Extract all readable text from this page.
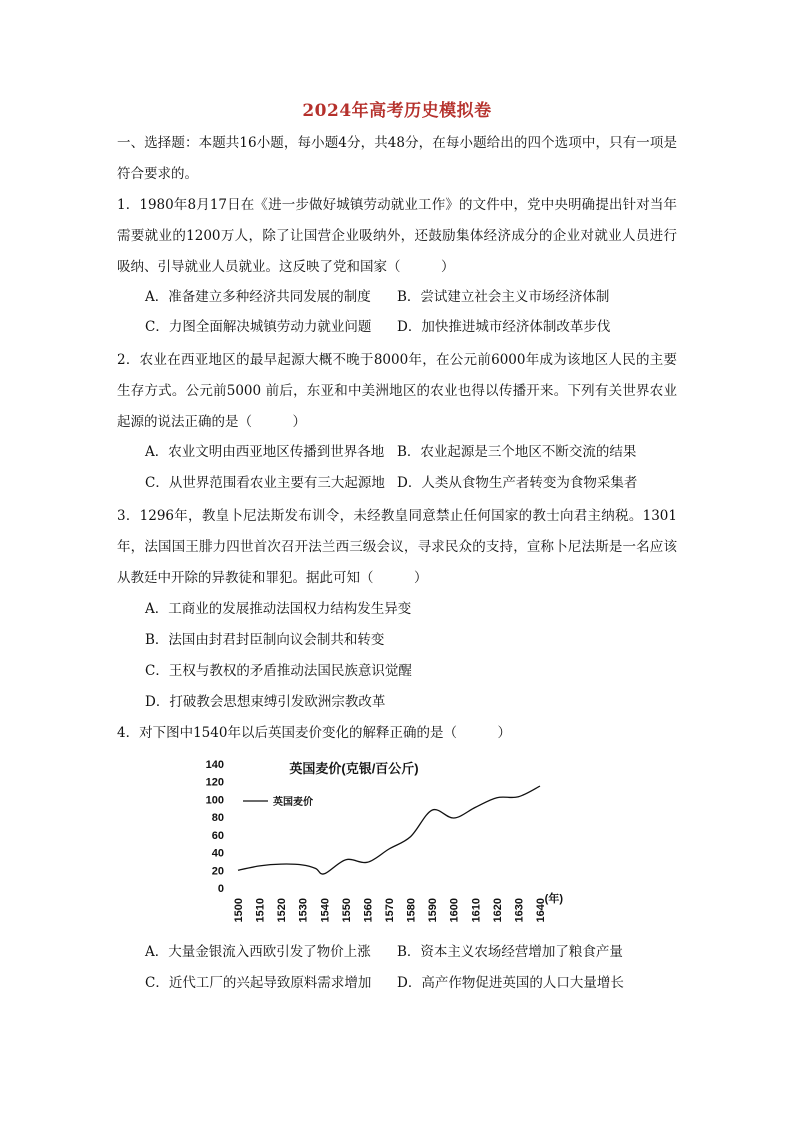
2024年高考历史模拟卷
一、选择题：本题共16小题，每小题4分，共48分，在每小题给出的四个选项中，只有一项是符合要求的。
1．1980年8月17日在《进一步做好城镇劳动就业工作》的文件中，党中央明确提出针对当年需要就业的1200万人，除了让国营企业吸纳外，还鼓励集体经济成分的企业对就业人员进行吸纳、引导就业人员就业。这反映了党和国家（　　　）
A．准备建立多种经济共同发展的制度 B．尝试建立社会主义市场经济体制
C．力图全面解决城镇劳动力就业问题 D．加快推进城市经济体制改革步伐
2．农业在西亚地区的最早起源大概不晚于8000年，在公元前6000年成为该地区人民的主要生存方式。公元前5000 前后，东亚和中美洲地区的农业也得以传播开来。下列有关世界农业起源的说法正确的是（　　　）
A．农业文明由西亚地区传播到世界各地 B．农业起源是三个地区不断交流的结果
C．从世界范围看农业主要有三大起源地 D．人类从食物生产者转变为食物采集者
3．1296年，教皇卜尼法斯发布训令，未经教皇同意禁止任何国家的教士向君主纳税。1301年，法国国王腓力四世首次召开法兰西三级会议，寻求民众的支持，宣称卜尼法斯是一名应该从教廷中开除的异教徒和罪犯。据此可知（　　　）
A．工商业的发展推动法国权力结构发生异变
B．法国由封君封臣制向议会制共和转变
C．王权与教权的矛盾推动法国民族意识觉醒
D．打破教会思想束缚引发欧洲宗教改革
4．对下图中1540年以后英国麦价变化的解释正确的是（　　　）
英国麦价(克银/百公斤)
英国麦价
(年)
140
120
100
80
60
40
20
0
1500 1510 1520 1530 1540 1550 1560 1570 1580 1590 1600 1610 1620 1630 1640
A．大量金银流入西欧引发了物价上涨 B．资本主义农场经营增加了粮食产量
C．近代工厂的兴起导致原料需求增加 D．高产作物促进英国的人口大量增长
